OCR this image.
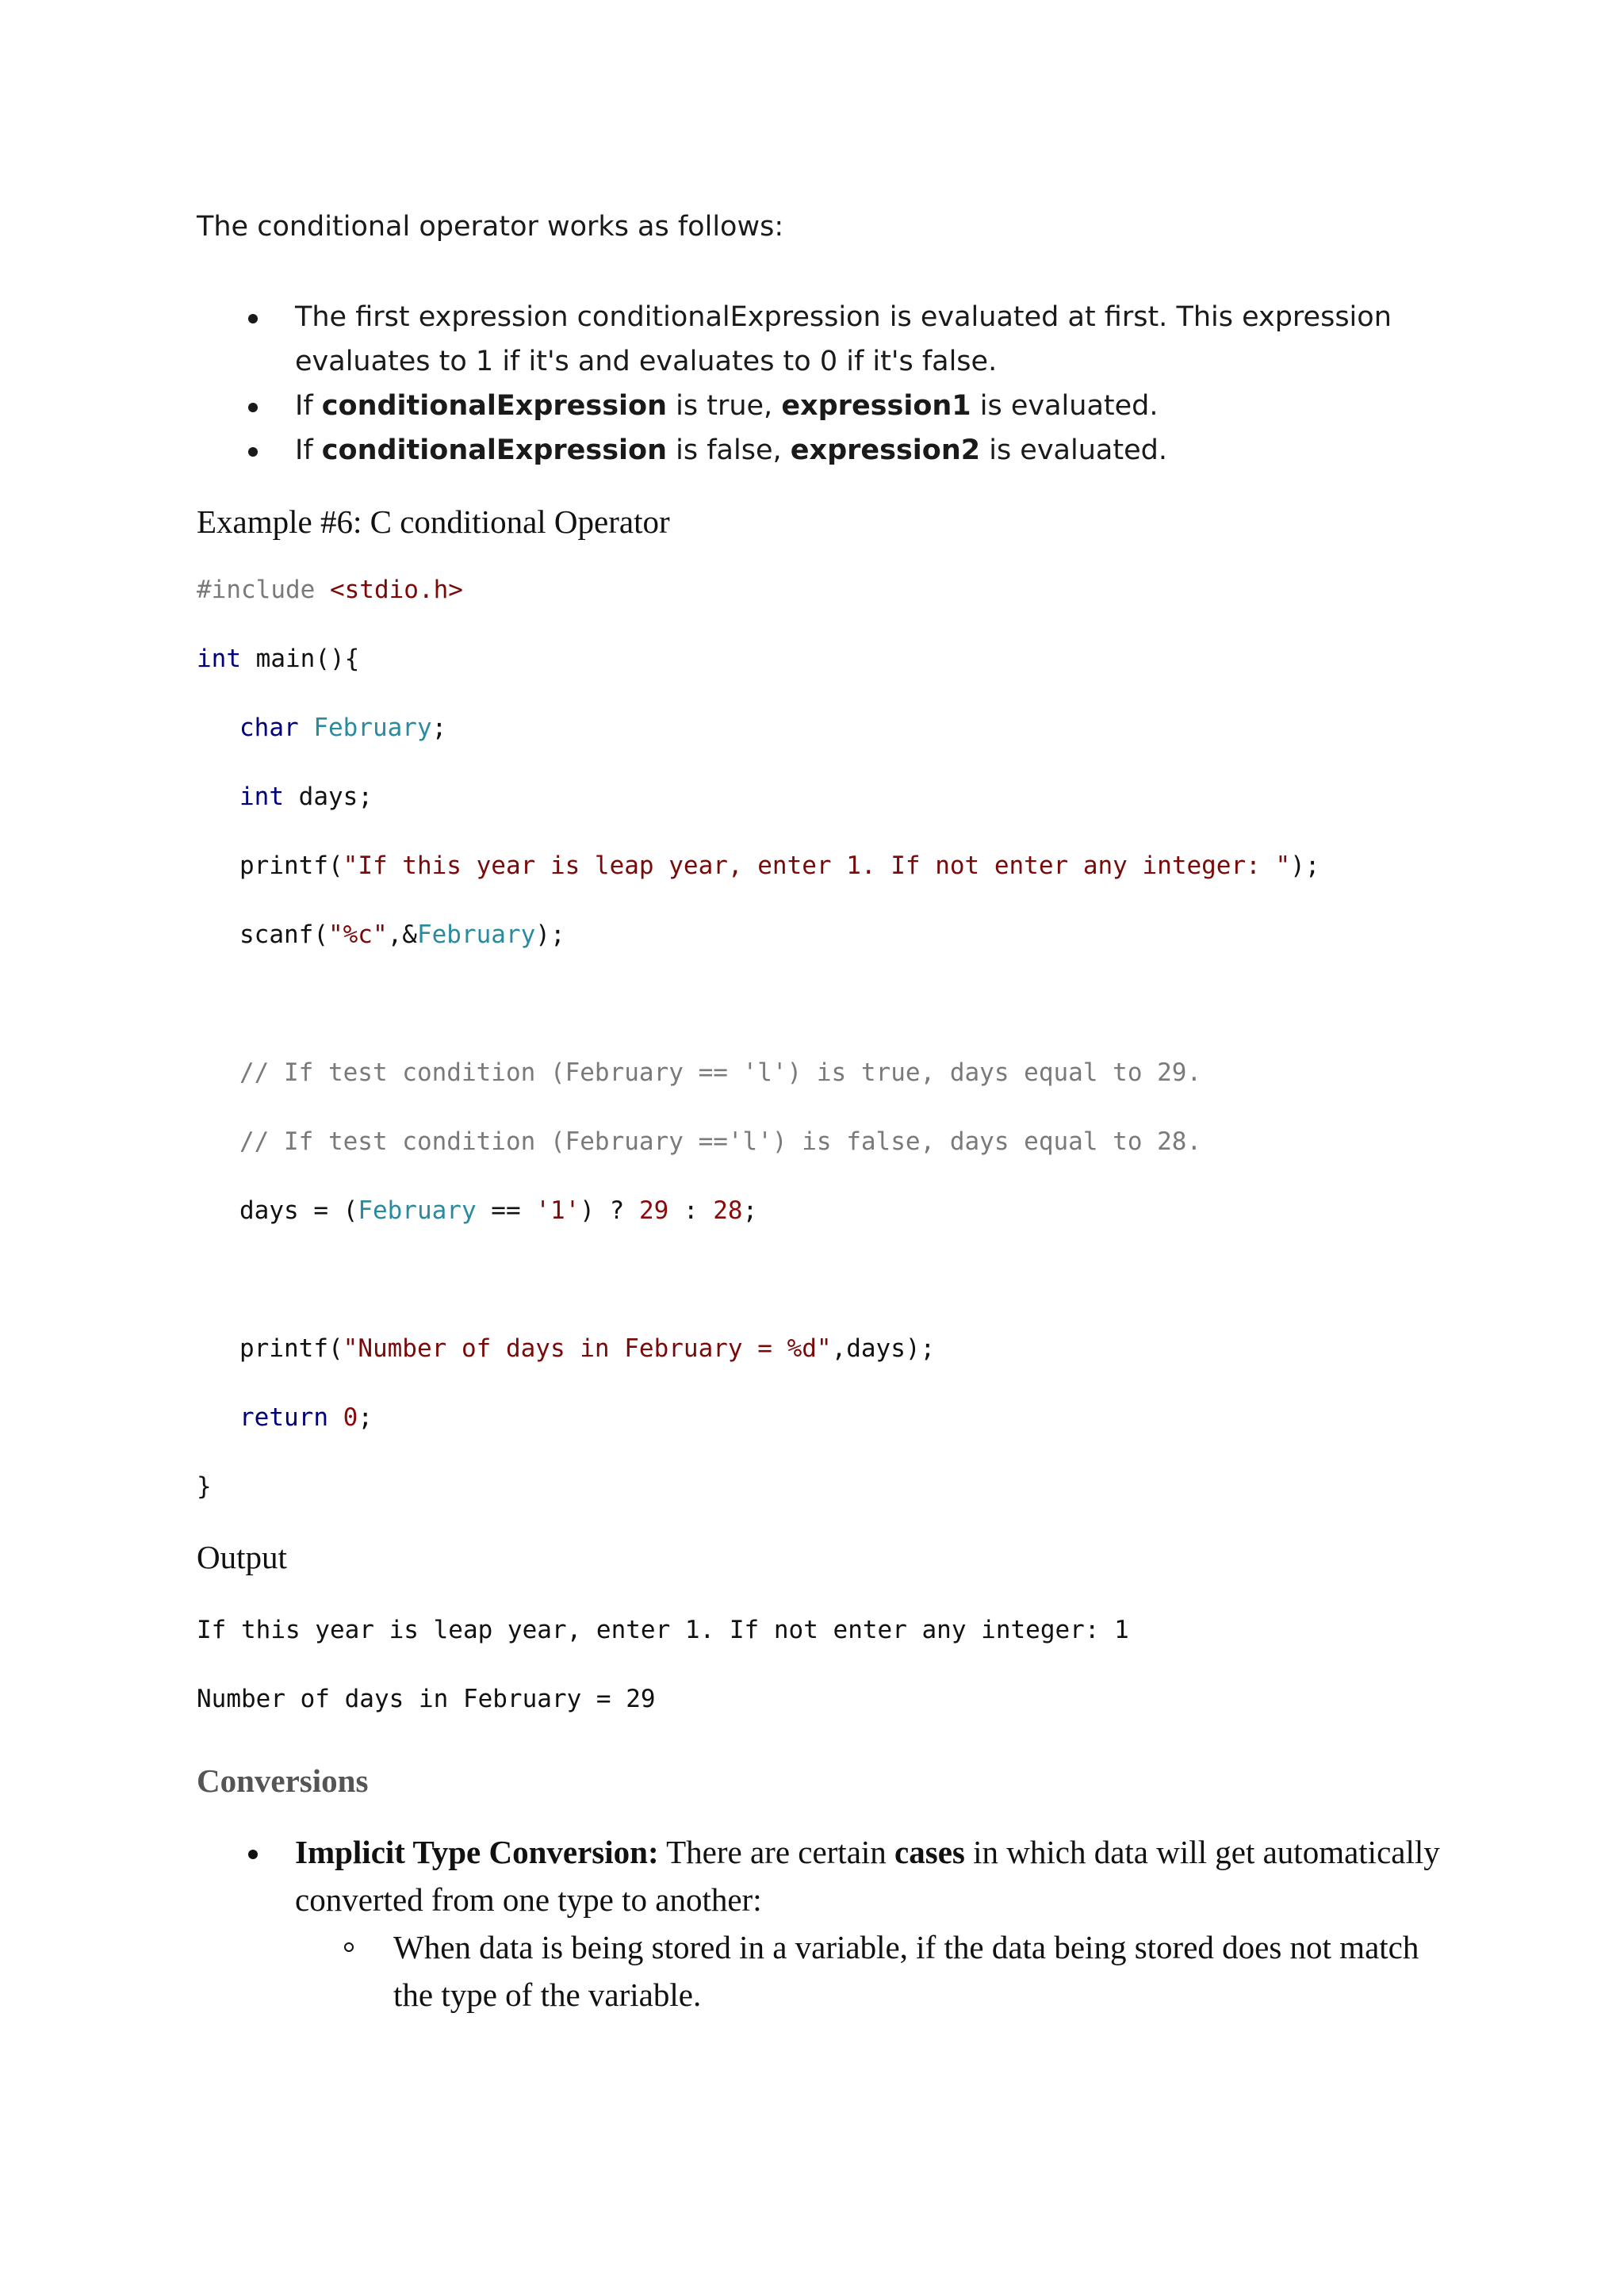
The conditional operator works as follows:
The first expression conditionalExpression is evaluated at first. This expression evaluates to 1 if it's and evaluates to 0 if it's false.
If conditionalExpression is true, expression1 is evaluated.
If conditionalExpression is false, expression2 is evaluated.
Example #6: C conditional Operator

#include <stdio.h>

int main(){

char February;

int days;

printf("If this year is leap year, enter 1. If not enter any integer: ");

scanf("%c",&February);

// If test condition (February == 'l') is true, days equal to 29.

// If test condition (February =='l') is false, days equal to 28.

days = (February == '1') ? 29 : 28;

printf("Number of days in February = %d",days);

return 0;

}

Output
If this year is leap year, enter 1. If not enter any integer: 1
Number of days in February = 29
Conversions
Implicit Type Conversion: There are certain cases in which data will get automatically converted from one type to another:
When data is being stored in a variable, if the data being stored does not match the type of the variable.
